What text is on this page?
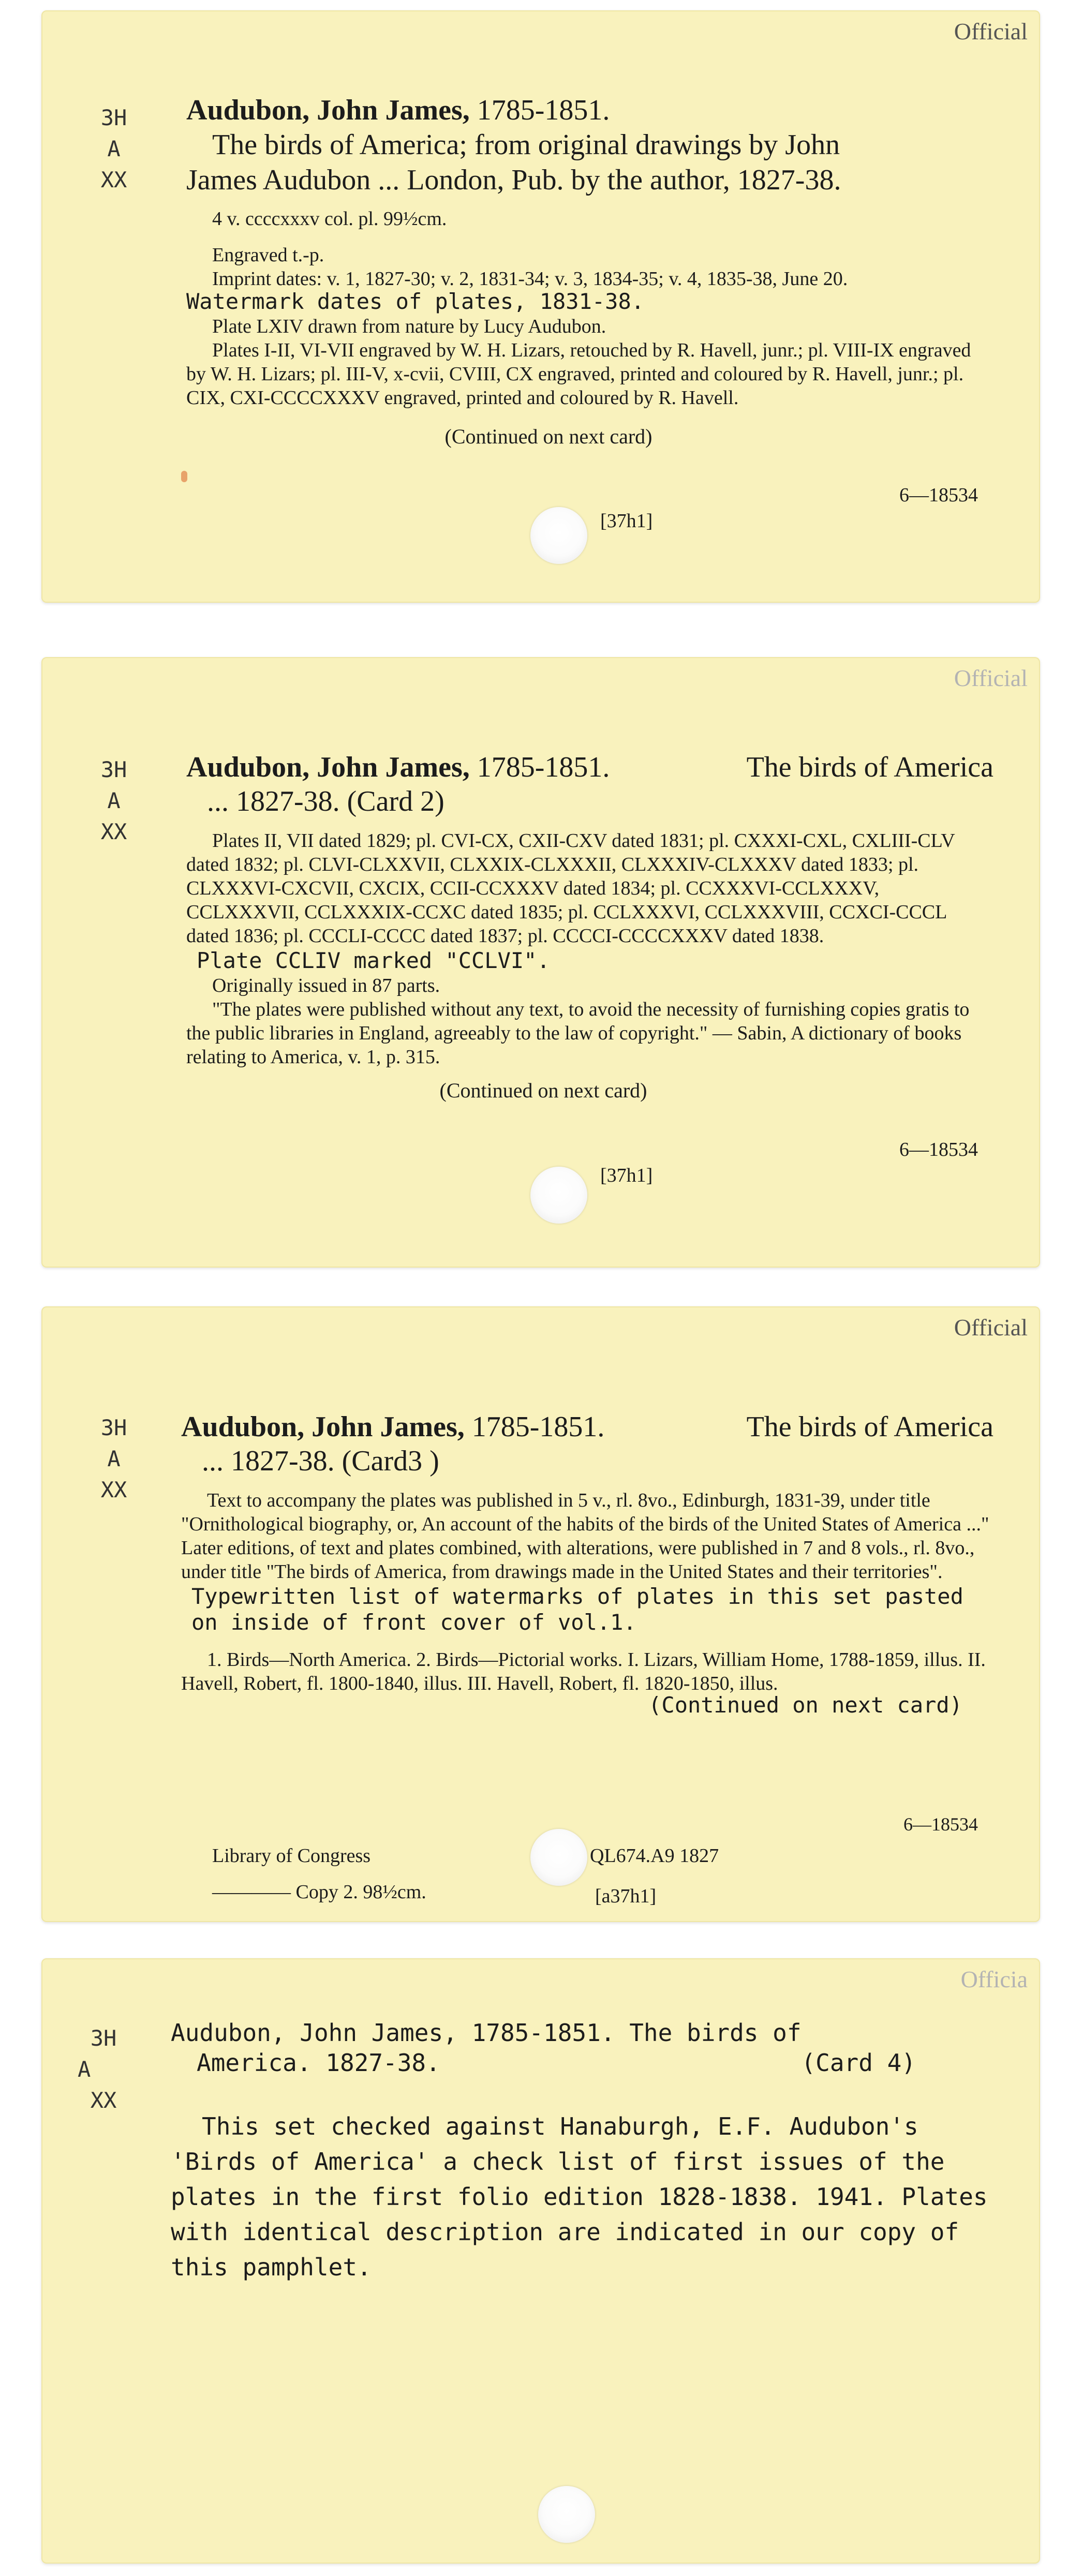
Official
3H
A
XX
Audubon, John James, 1785-1851.
The birds of America; from original drawings by John
James Audubon ... London, Pub. by the author, 1827-38.
4 v. ccccxxxv col. pl. 99½cm.

Engraved t.-p.

Imprint dates: v. 1, 1827-30; v. 2, 1831-34; v. 3, 1834-35; v. 4, 1835-38, June 20.

Watermark dates of plates, 1831-38.

Plate LXIV drawn from nature by Lucy Audubon.

Plates I-II, VI-VII engraved by W. H. Lizars, retouched by R. Havell, junr.; pl. VIII-IX engraved by W. H. Lizars; pl. III-V, x-cvii, CVIII, CX engraved, printed and coloured by R. Havell, junr.; pl. CIX, CXI-CCCCXXXV engraved, printed and coloured by R. Havell.

(Continued on next card)
6—18534
[37h1]
Official
3H
A
XX
Audubon, John James, 1785-1851.	The birds of America
... 1827-38. (Card 2)

Plates II, VII dated 1829; pl. CVI-CX, CXII-CXV dated 1831; pl. CXXXI-CXL, CXLIII-CLV dated 1832; pl. CLVI-CLXXVII, CLXXIX-CLXXXII, CLXXXIV-CLXXXV dated 1833; pl. CLXXXVI-CXCVII, CXCIX, CCII-CCXXXV dated 1834; pl. CCXXXVI-CCLXXXV, CCLXXXVII, CCLXXXIX-CCXC dated 1835; pl. CCLXXXVI, CCLXXXVIII, CCXCI-CCCL dated 1836; pl. CCCLI-CCCC dated 1837; pl. CCCCI-CCCCXXXV dated 1838.

Plate CCLIV marked "CCLVI".

Originally issued in 87 parts.

"The plates were published without any text, to avoid the necessity of furnishing copies gratis to the public libraries in England, agreeably to the law of copyright." — Sabin, A dictionary of books relating to America, v. 1, p. 315.

(Continued on next card)
6—18534
[37h1]
Official
3H
A
XX
Audubon, John James, 1785-1851.	The birds of America
... 1827-38. (Card3 )

Text to accompany the plates was published in 5 v., rl. 8vo., Edinburgh, 1831-39, under title "Ornithological biography, or, An account of the habits of the birds of the United States of America ..." Later editions, of text and plates combined, with alterations, were published in 7 and 8 vols., rl. 8vo., under title "The birds of America, from drawings made in the United States and their territories".

Typewritten list of watermarks of plates in this set pasted on inside of front cover of vol.1.

1. Birds—North America. 2. Birds—Pictorial works. I. Lizars, William Home, 1788-1859, illus. II. Havell, Robert, fl. 1800-1840, illus. III. Havell, Robert, fl. 1820-1850, illus.

(Continued on next card)
6—18534
Library of Congress	QL674.A9 1827
———— Copy 2. 98½cm.	[a37h1]
Officia
3H
A
XX
Audubon, John James, 1785-1851. The birds of
America. 1827-38.	(Card 4)

This set checked against Hanaburgh, E.F. Audubon's 'Birds of America' a check list of first issues of the plates in the first folio edition 1828-1838. 1941. Plates with identical description are indicated in our copy of this pamphlet.
